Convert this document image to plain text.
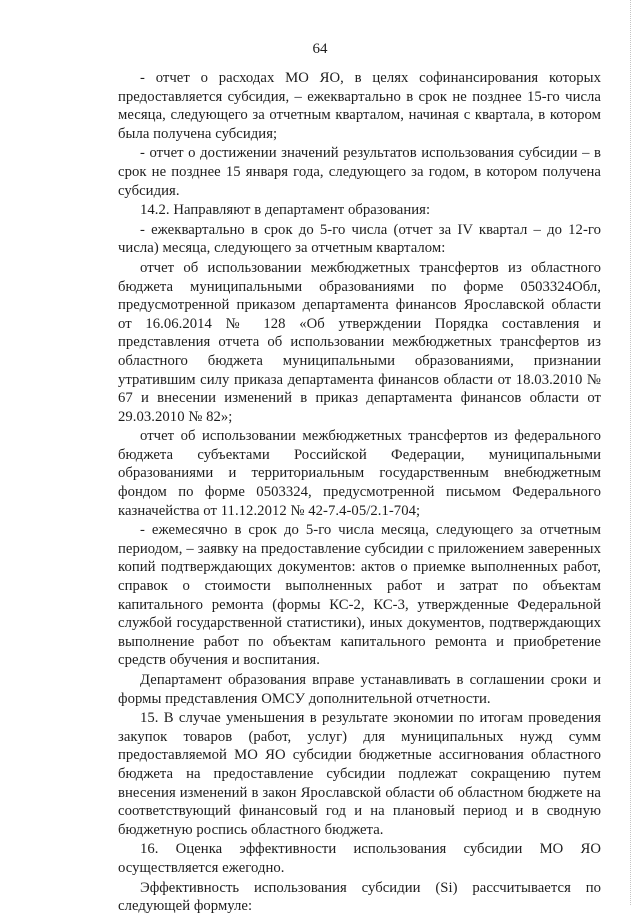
64

- отчет о расходах МО ЯО, в целях софинансирования которых предоставляется субсидия, – ежеквартально в срок не позднее 15-го числа месяца, следующего за отчетным кварталом, начиная с квартала, в котором была получена субсидия;

- отчет о достижении значений результатов использования субсидии – в срок не позднее 15 января года, следующего за годом, в котором получена субсидия.

14.2. Направляют в департамент образования:

- ежеквартально в срок до 5-го числа (отчет за IV квартал – до 12-го числа) месяца, следующего за отчетным кварталом:

отчет об использовании межбюджетных трансфертов из областного бюджета муниципальными образованиями по форме 0503324Обл, предусмотренной приказом департамента финансов Ярославской области от 16.06.2014 № 128 «Об утверждении Порядка составления и представления отчета об использовании межбюджетных трансфертов из областного бюджета муниципальными образованиями, признании утратившим силу приказа департамента финансов области от 18.03.2010 № 67 и внесении изменений в приказ департамента финансов области от 29.03.2010 № 82»;

отчет об использовании межбюджетных трансфертов из федерального бюджета субъектами Российской Федерации, муниципальными образованиями и территориальным государственным внебюджетным фондом по форме 0503324, предусмотренной письмом Федерального казначейства от 11.12.2012 № 42-7.4-05/2.1-704;

- ежемесячно в срок до 5-го числа месяца, следующего за отчетным периодом, – заявку на предоставление субсидии с приложением заверенных копий подтверждающих документов: актов о приемке выполненных работ, справок о стоимости выполненных работ и затрат по объектам капитального ремонта (формы КС-2, КС-3, утвержденные Федеральной службой государственной статистики), иных документов, подтверждающих выполнение работ по объектам капитального ремонта и приобретение средств обучения и воспитания.

Департамент образования вправе устанавливать в соглашении сроки и формы представления ОМСУ дополнительной отчетности.

15. В случае уменьшения в результате экономии по итогам проведения закупок товаров (работ, услуг) для муниципальных нужд сумм предоставляемой МО ЯО субсидии бюджетные ассигнования областного бюджета на предоставление субсидии подлежат сокращению путем внесения изменений в закон Ярославской области об областном бюджете на соответствующий финансовый год и на плановый период и в сводную бюджетную роспись областного бюджета.

16. Оценка эффективности использования субсидии МО ЯО осуществляется ежегодно.

Эффективность использования субсидии (Si) рассчитывается по следующей формуле:
